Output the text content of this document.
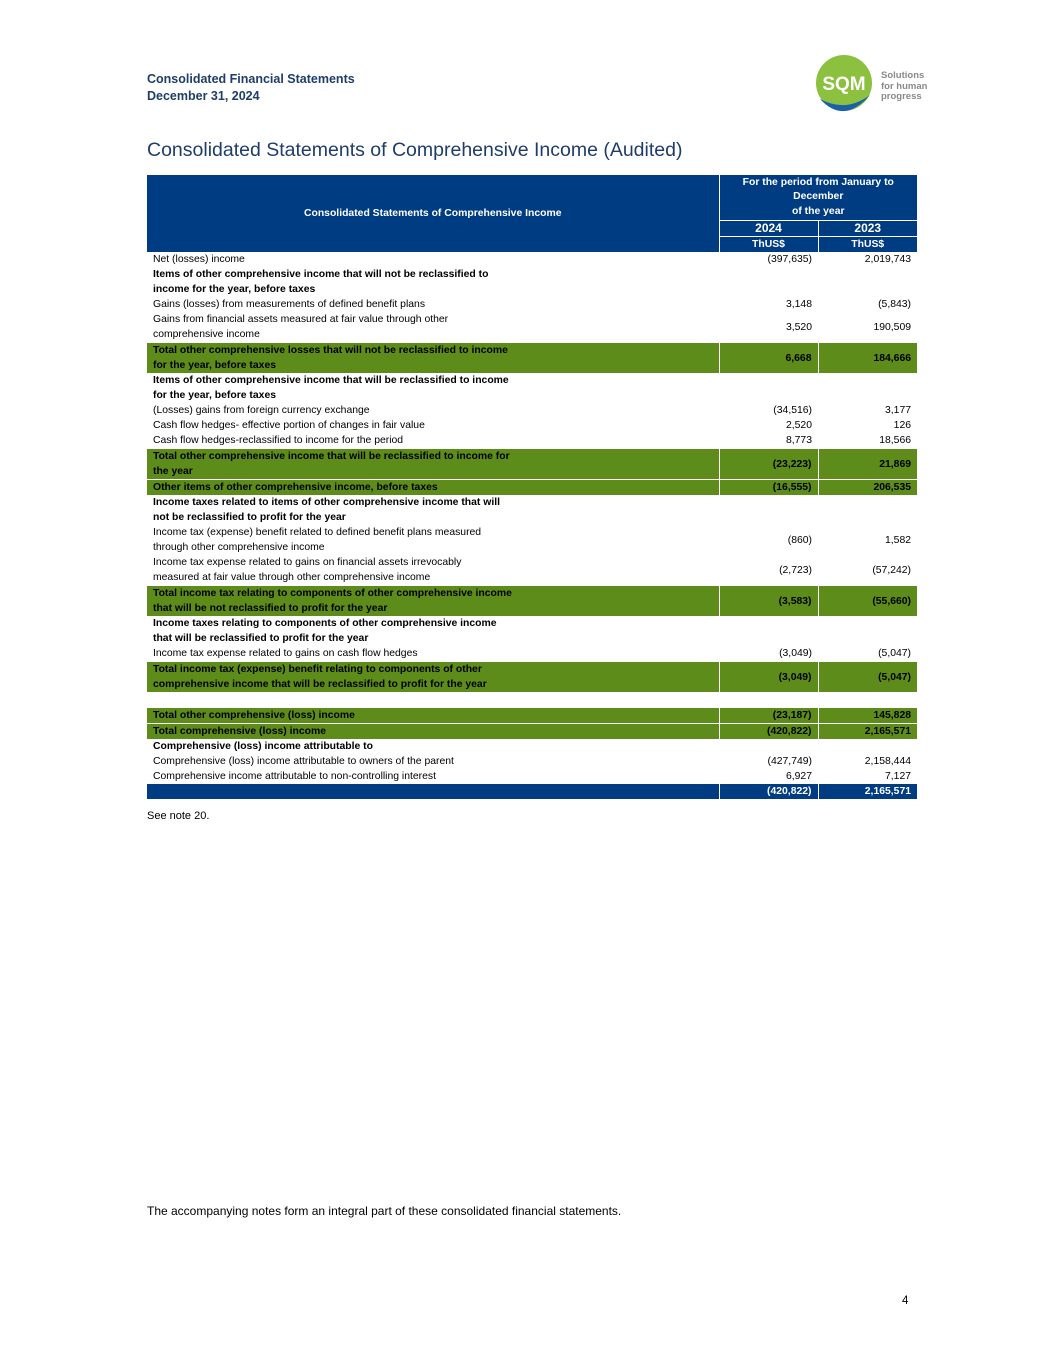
Consolidated Financial Statements
December 31, 2024
SQM Solutions
for human
progress
Consolidated Statements of Comprehensive Income (Audited)
Consolidated Statements of Comprehensive Income	For the period from January to
December
of the year	

	2024	2023
	ThUS$	ThUS$
Net (losses) income	(397,635)	2,019,743

Items of other comprehensive income that will not be reclassified to
income for the year, before taxes		

Gains (losses) from measurements of defined benefit plans	3,148	(5,843)

Gains from financial assets measured at fair value through other
comprehensive income	3,520	190,509

Total other comprehensive losses that will not be reclassified to income
for the year, before taxes	6,668	184,666

Items of other comprehensive income that will be reclassified to income
for the year, before taxes		

(Losses) gains from foreign currency exchange	(34,516)	3,177
Cash flow hedges- effective portion of changes in fair value	2,520	126
Cash flow hedges-reclassified to income for the period	8,773	18,566

Total other comprehensive income that will be reclassified to income for
the year	(23,223)	21,869
Other items of other comprehensive income, before taxes	(16,555)	206,535

Income taxes related to items of other comprehensive income that will
not be reclassified to profit for the year		

Income tax (expense) benefit related to defined benefit plans measured
through other comprehensive income	(860)	1,582

Income tax expense related to gains on financial assets irrevocably
measured at fair value through other comprehensive income	(2,723)	(57,242)

Total income tax relating to components of other comprehensive income
that will be not reclassified to profit for the year	(3,583)	(55,660)

Income taxes relating to components of other comprehensive income
that will be reclassified to profit for the year		

Income tax expense related to gains on cash flow hedges	(3,049)	(5,047)

Total income tax (expense) benefit relating to components of other
comprehensive income that will be reclassified to profit for the year	(3,049)	(5,047)

Total other comprehensive (loss) income	(23,187)	145,828
Total comprehensive (loss) income	(420,822)	2,165,571
Comprehensive (loss) income attributable to		
Comprehensive (loss) income attributable to owners of the parent	(427,749)	2,158,444
Comprehensive income attributable to non-controlling interest	6,927	7,127
	(420,822)	2,165,571
See note 20.
The accompanying notes form an integral part of these consolidated financial statements.
4
